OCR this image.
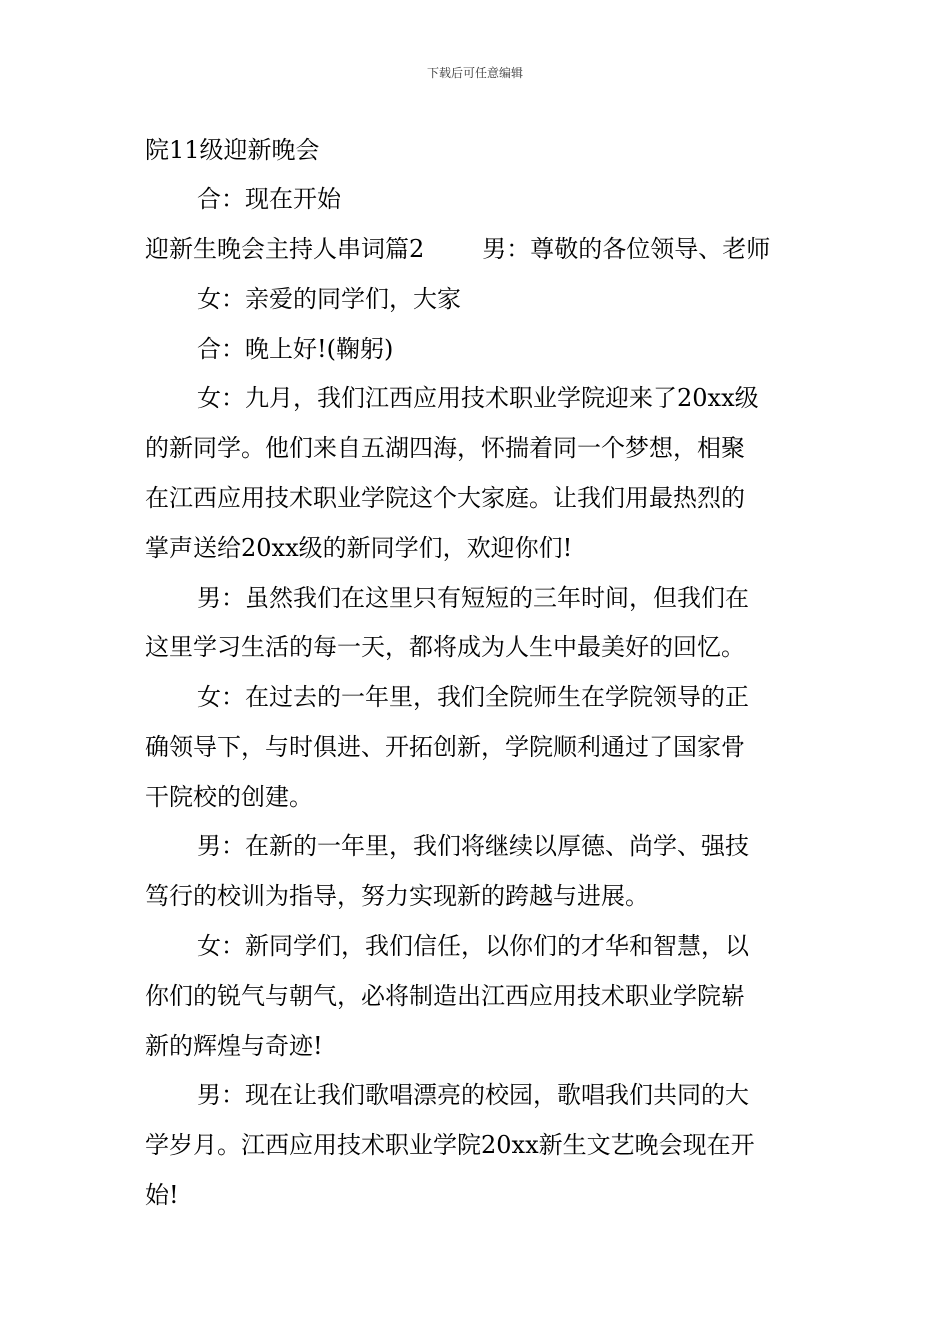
下载后可任意编辑
院11级迎新晚会
合：现在开始
迎新生晚会主持人串词篇2 男：尊敬的各位领导、老师
女：亲爱的同学们，大家
合：晚上好!(鞠躬)
女：九月，我们江西应用技术职业学院迎来了20xx级
的新同学。他们来自五湖四海，怀揣着同一个梦想，相聚
在江西应用技术职业学院这个大家庭。让我们用最热烈的
掌声送给20xx级的新同学们，欢迎你们!
男：虽然我们在这里只有短短的三年时间，但我们在
这里学习生活的每一天，都将成为人生中最美好的回忆。
女：在过去的一年里，我们全院师生在学院领导的正
确领导下，与时俱进、开拓创新，学院顺利通过了国家骨
干院校的创建。
男：在新的一年里，我们将继续以厚德、尚学、强技
笃行的校训为指导，努力实现新的跨越与进展。
女：新同学们，我们信任，以你们的才华和智慧，以
你们的锐气与朝气，必将制造出江西应用技术职业学院崭
新的辉煌与奇迹!
男：现在让我们歌唱漂亮的校园，歌唱我们共同的大
学岁月。江西应用技术职业学院20xx新生文艺晚会现在开
始!
